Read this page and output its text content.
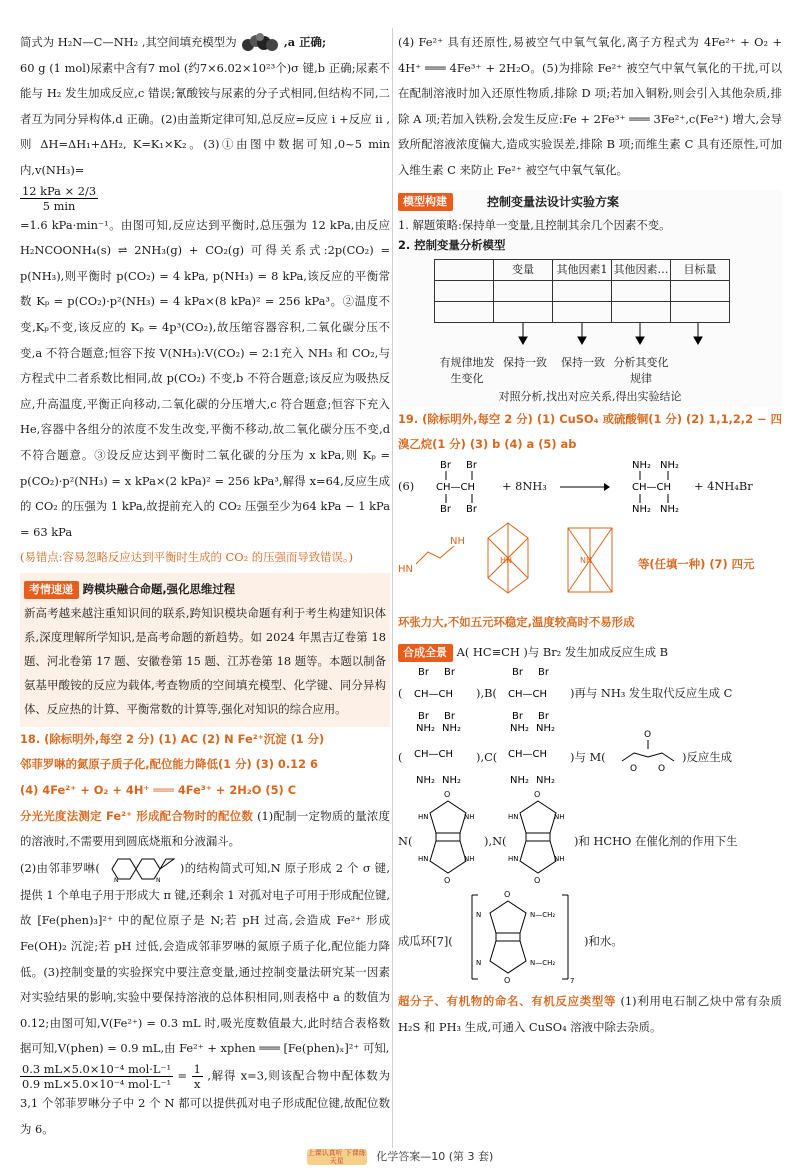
简式为 H₂N—C—NH₂ ,其空间填充模型为	,a 正确;

60 g (1 mol)尿素中含有7 mol (约7×6.02×10²³个)σ 键,b 正确;尿素不能与 H₂ 发生加成反应,c 错误;氰酸铵与尿素的分子式相同,但结构不同,二者互为同分异构体,d 正确。(2)由盖斯定律可知,总反应=反应 i +反应 ii ,则 ΔH=ΔH₁+ΔH₂, K=K₁×K₂。(3)①由图中数据可知,0~5 min内,v(NH₃)=

$\frac{\text{12 kPa × 2/3}}{5 \min}$

=1.6 kPa·min⁻¹。由图可知,反应达到平衡时,总压强为 12 kPa,由反应 H₂NCOONH₄(s) ⇌ 2NH₃(g) + CO₂(g) 可得关系式:2p(CO₂) = p(NH₃),则平衡时 p(CO₂) = 4 kPa, p(NH₃) = 8 kPa,该反应的平衡常数 Kₚ = p(CO₂)·p²(NH₃) = 4 kPa×(8 kPa)² = 256 kPa³。②温度不变,Kₚ不变,该反应的 Kₚ = 4p³(CO₂),故压缩容器容积,二氧化碳分压不变,a 不符合题意;恒容下按 V(NH₃):V(CO₂) = 2:1充入 NH₃ 和 CO₂,与方程式中二者系数比相同,故 p(CO₂) 不变,b 不符合题意;该反应为吸热反应,升高温度,平衡正向移动,二氧化碳的分压增大,c 符合题意;恒容下充入 He,容器中各组分的浓度不发生改变,平衡不移动,故二氧化碳分压不变,d 不符合题意。③设反应达到平衡时二氧化碳的分压为 x kPa,则 Kₚ = p(CO₂)·p²(NH₃) = x kPa×(2 kPa)² = 256 kPa³,解得 x=64,反应生成的 CO₂ 的压强为 1 kPa,故提前充入的 CO₂ 压强至少为64 kPa − 1 kPa = 63 kPa

(易错点:容易忽略反应达到平衡时生成的 CO₂ 的压强而导致错误。)

考情速递 跨模块融合命题,强化思维过程

新高考越来越注重知识间的联系,跨知识模块命题有利于考生构建知识体系,深度理解所学知识,是高考命题的新趋势。如 2024 年黑吉辽卷第 18 题、河北卷第 17 题、安徽卷第 15 题、江苏卷第 18 题等。本题以制备氨基甲酸铵的反应为载体,考查物质的空间填充模型、化学键、同分异构体、反应热的计算、平衡常数的计算等,强化对知识的综合应用。

18. (除标明外,每空 2 分) (1) AC (2) N Fe²⁺沉淀 (1 分)

邻菲罗啉的氮原子质子化,配位能力降低(1 分) (3) 0.12 6

(4) 4Fe²⁺ + O₂ + 4H⁺ ═══ 4Fe³⁺ + 2H₂O (5) C

分光光度法测定 Fe²⁺ 形成配合物时的配位数 (1)配制一定物质的量浓度的溶液时,不需要用到圆底烧瓶和分液漏斗。

(2)由邻菲罗啉(
N	N
)的结构简式可知,N 原子形成 2 个 σ 键,提供 1 个单电子用于形成大 π 键,还剩余 1 对孤对电子可用于形成配位键,故 [Fe(phen)₃]²⁺ 中的配位原子是 N;若 pH 过高,会造成 Fe²⁺ 形成 Fe(OH)₂ 沉淀;若 pH 过低,会造成邻菲罗啉的氮原子质子化,配位能力降低。(3)控制变量的实验探究中要注意变量,通过控制变量法研究某一因素对实验结果的影响,实验中要保持溶液的总体积相同,则表格中 a 的数值为 0.12;由图可知,V(Fe²⁺) = 0.3 mL 时,吸光度数值最大,此时结合表格数据可知,V(phen) = 0.9 mL,由 Fe²⁺ + xphen ═══ [Fe(phen)ₓ]²⁺ 可知,

$\frac{\text{0.3 mL×5.0×10⁻⁴ mol·L⁻¹}}{\text{0.9 mL×5.0×10⁻⁴ mol·L⁻¹}} = \frac{1}{x}$ ,解得 x=3,则该配合物中配体数为 3,1 个邻菲罗啉分子中 2 个 N 都可以提供孤对电子形成配位键,故配位数为 6。

(4) Fe²⁺ 具有还原性,易被空气中氧气氧化,离子方程式为 4Fe²⁺ + O₂ + 4H⁺ ═══ 4Fe³⁺ + 2H₂O。(5)为排除 Fe²⁺ 被空气中氧气氧化的干扰,可以在配制溶液时加入还原性物质,排除 D 项;若加入铜粉,则会引入其他杂质,排除 A 项;若加入铁粉,会发生反应:Fe + 2Fe³⁺ ═══ 3Fe²⁺,c(Fe²⁺) 增大,会导致所配溶液浓度偏大,造成实验误差,排除 B 项;而维生素 C 具有还原性,可加入维生素 C 来防止 Fe²⁺ 被空气中氧气氧化。

模型构建	控制变量法设计实验方案

1. 解题策略:保持单一变量,且控制其余几个因素不变。

2. 控制变量分析模型

	变量	其他因素1	其他因素…	目标量

有规律地发生变化
保持一致	保持一致 分析其变化规律
对照分析,找出对应关系,得出实验结论

19. (除标明外,每空 2 分) (1) CuSO₄ 或硫酸铜(1 分) (2) 1,1,2,2 − 四溴乙烷(1 分) (3) b (4) a (5) ab

(6)
Br Br
CH—CH
Br Br
+ 8NH₃
NH₂ NH₂
CH—CH
NH₂ NH₂
+ 4NH₄Br
HN
NH
HN	NH	等(任填一种) (7) 四元

环张力大,不如五元环稳定,温度较高时不易形成

合成全景 A( HC≡CH )与 Br₂ 发生加成反应生成 B

(
Br Br
CH—CH
Br Br
),B(
Br Br
CH—CH
Br Br
)再与 NH₃ 发生取代反应生成 C
(
NH₂ NH₂
CH—CH
NH₂ NH₂
),C(
NH₂ NH₂
CH—CH
NH₂ NH₂
)与 M(
O
O O
)反应生成
N(
O
O
HN	NH
HN	NH
),N(
O
O
HN	NH
HN	NH
)和 HCHO 在催化剂的作用下生
成瓜环[7](
O
O
N—CH₂
N—CH₂
N
N
7
)和水。

超分子、有机物的命名、有机反应类型等 (1)利用电石制乙炔中常有杂质 H₂S 和 PH₃ 生成,可通入 CuSO₄ 溶液中除去杂质。

上课认真听 下课练天星	化学答案—10 (第 3 套)
